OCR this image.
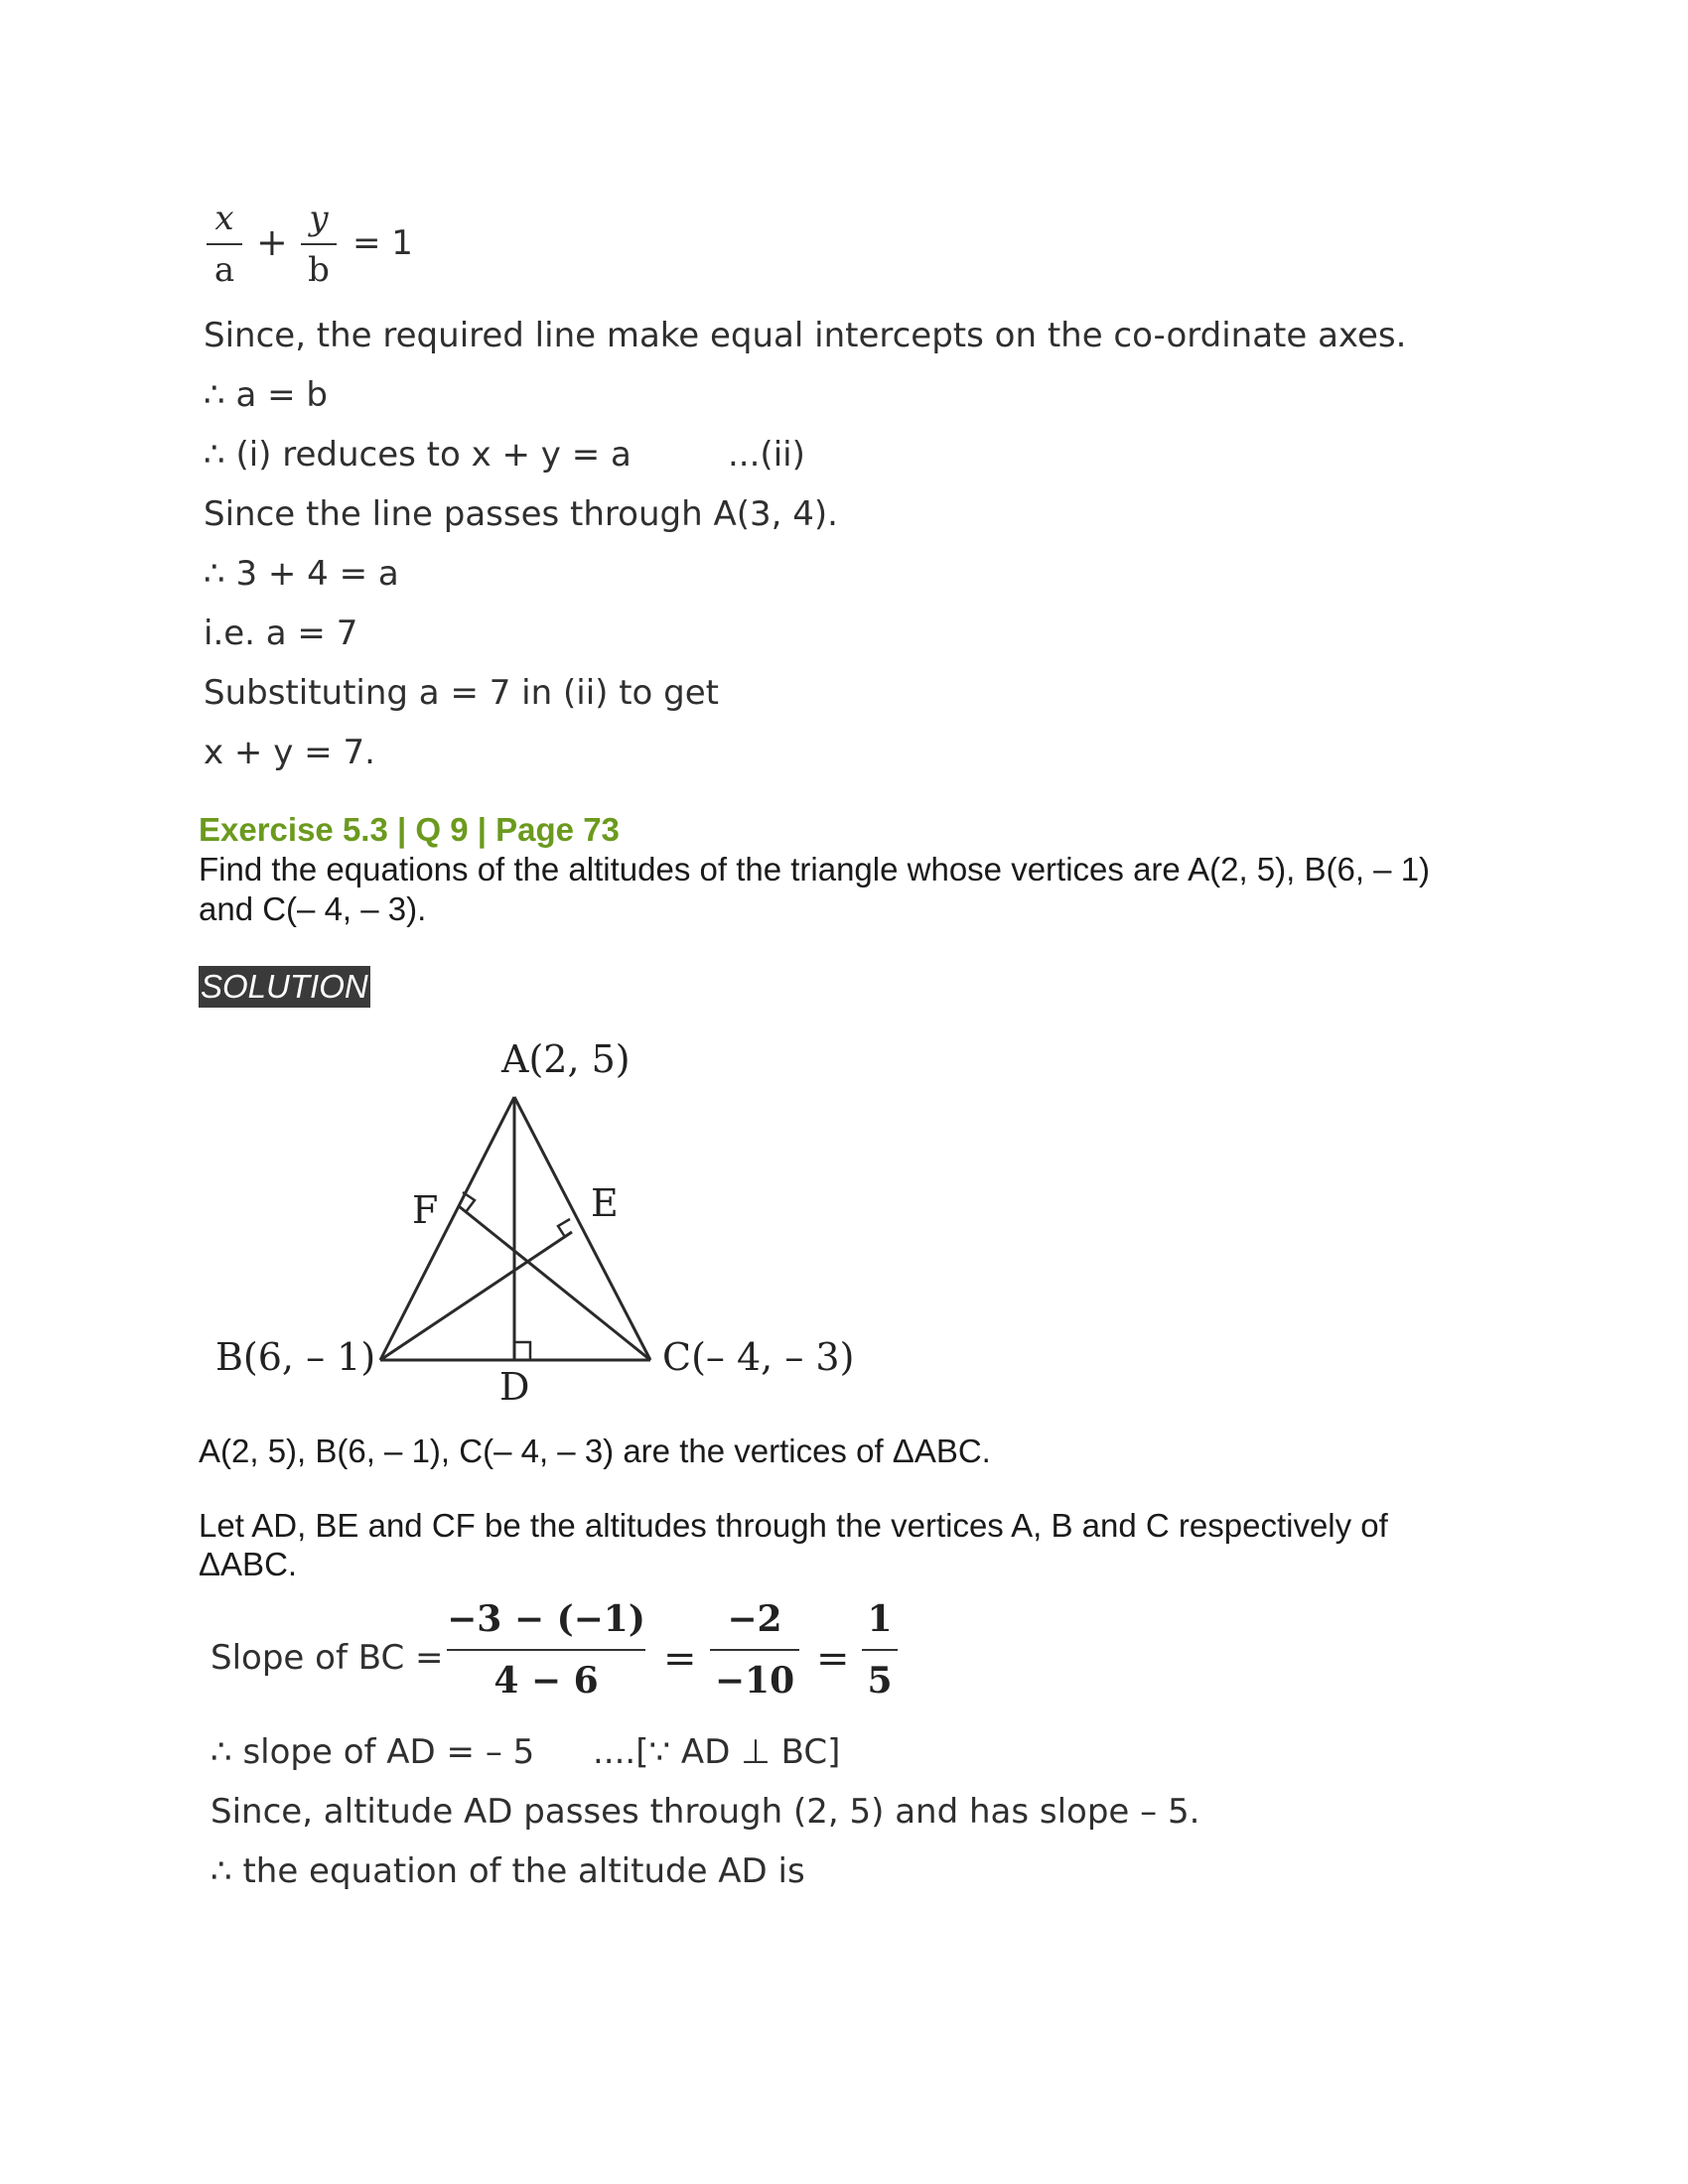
x
a
+
y
b
= 1
Since, the required line make equal intercepts on the co-ordinate axes.
∴ a = b
∴ (i) reduces to x + y = a	...(ii)
Since the line passes through A(3, 4).
∴ 3 + 4 = a
i.e. a = 7
Substituting a = 7 in (ii) to get
x + y = 7.
Exercise 5.3 | Q 9 | Page 73
Find the equations of the altitudes of the triangle whose vertices are A(2, 5), B(6, – 1)
and C(– 4, – 3).
SOLUTION
A(2, 5)
B(6, – 1)	C(– 4, – 3)
D
E
F
A(2, 5), B(6, – 1), C(– 4, – 3) are the vertices of ΔABC.
Let AD, BE and CF be the altitudes through the vertices A, B and C respectively of
ΔABC.
Slope of BC =
−3 − (−1)
4 − 6	=
−2
−10 =
1
5
∴ slope of AD = – 5 ....[∵ AD ⊥ BC]
Since, altitude AD passes through (2, 5) and has slope – 5.
∴ the equation of the altitude AD is
